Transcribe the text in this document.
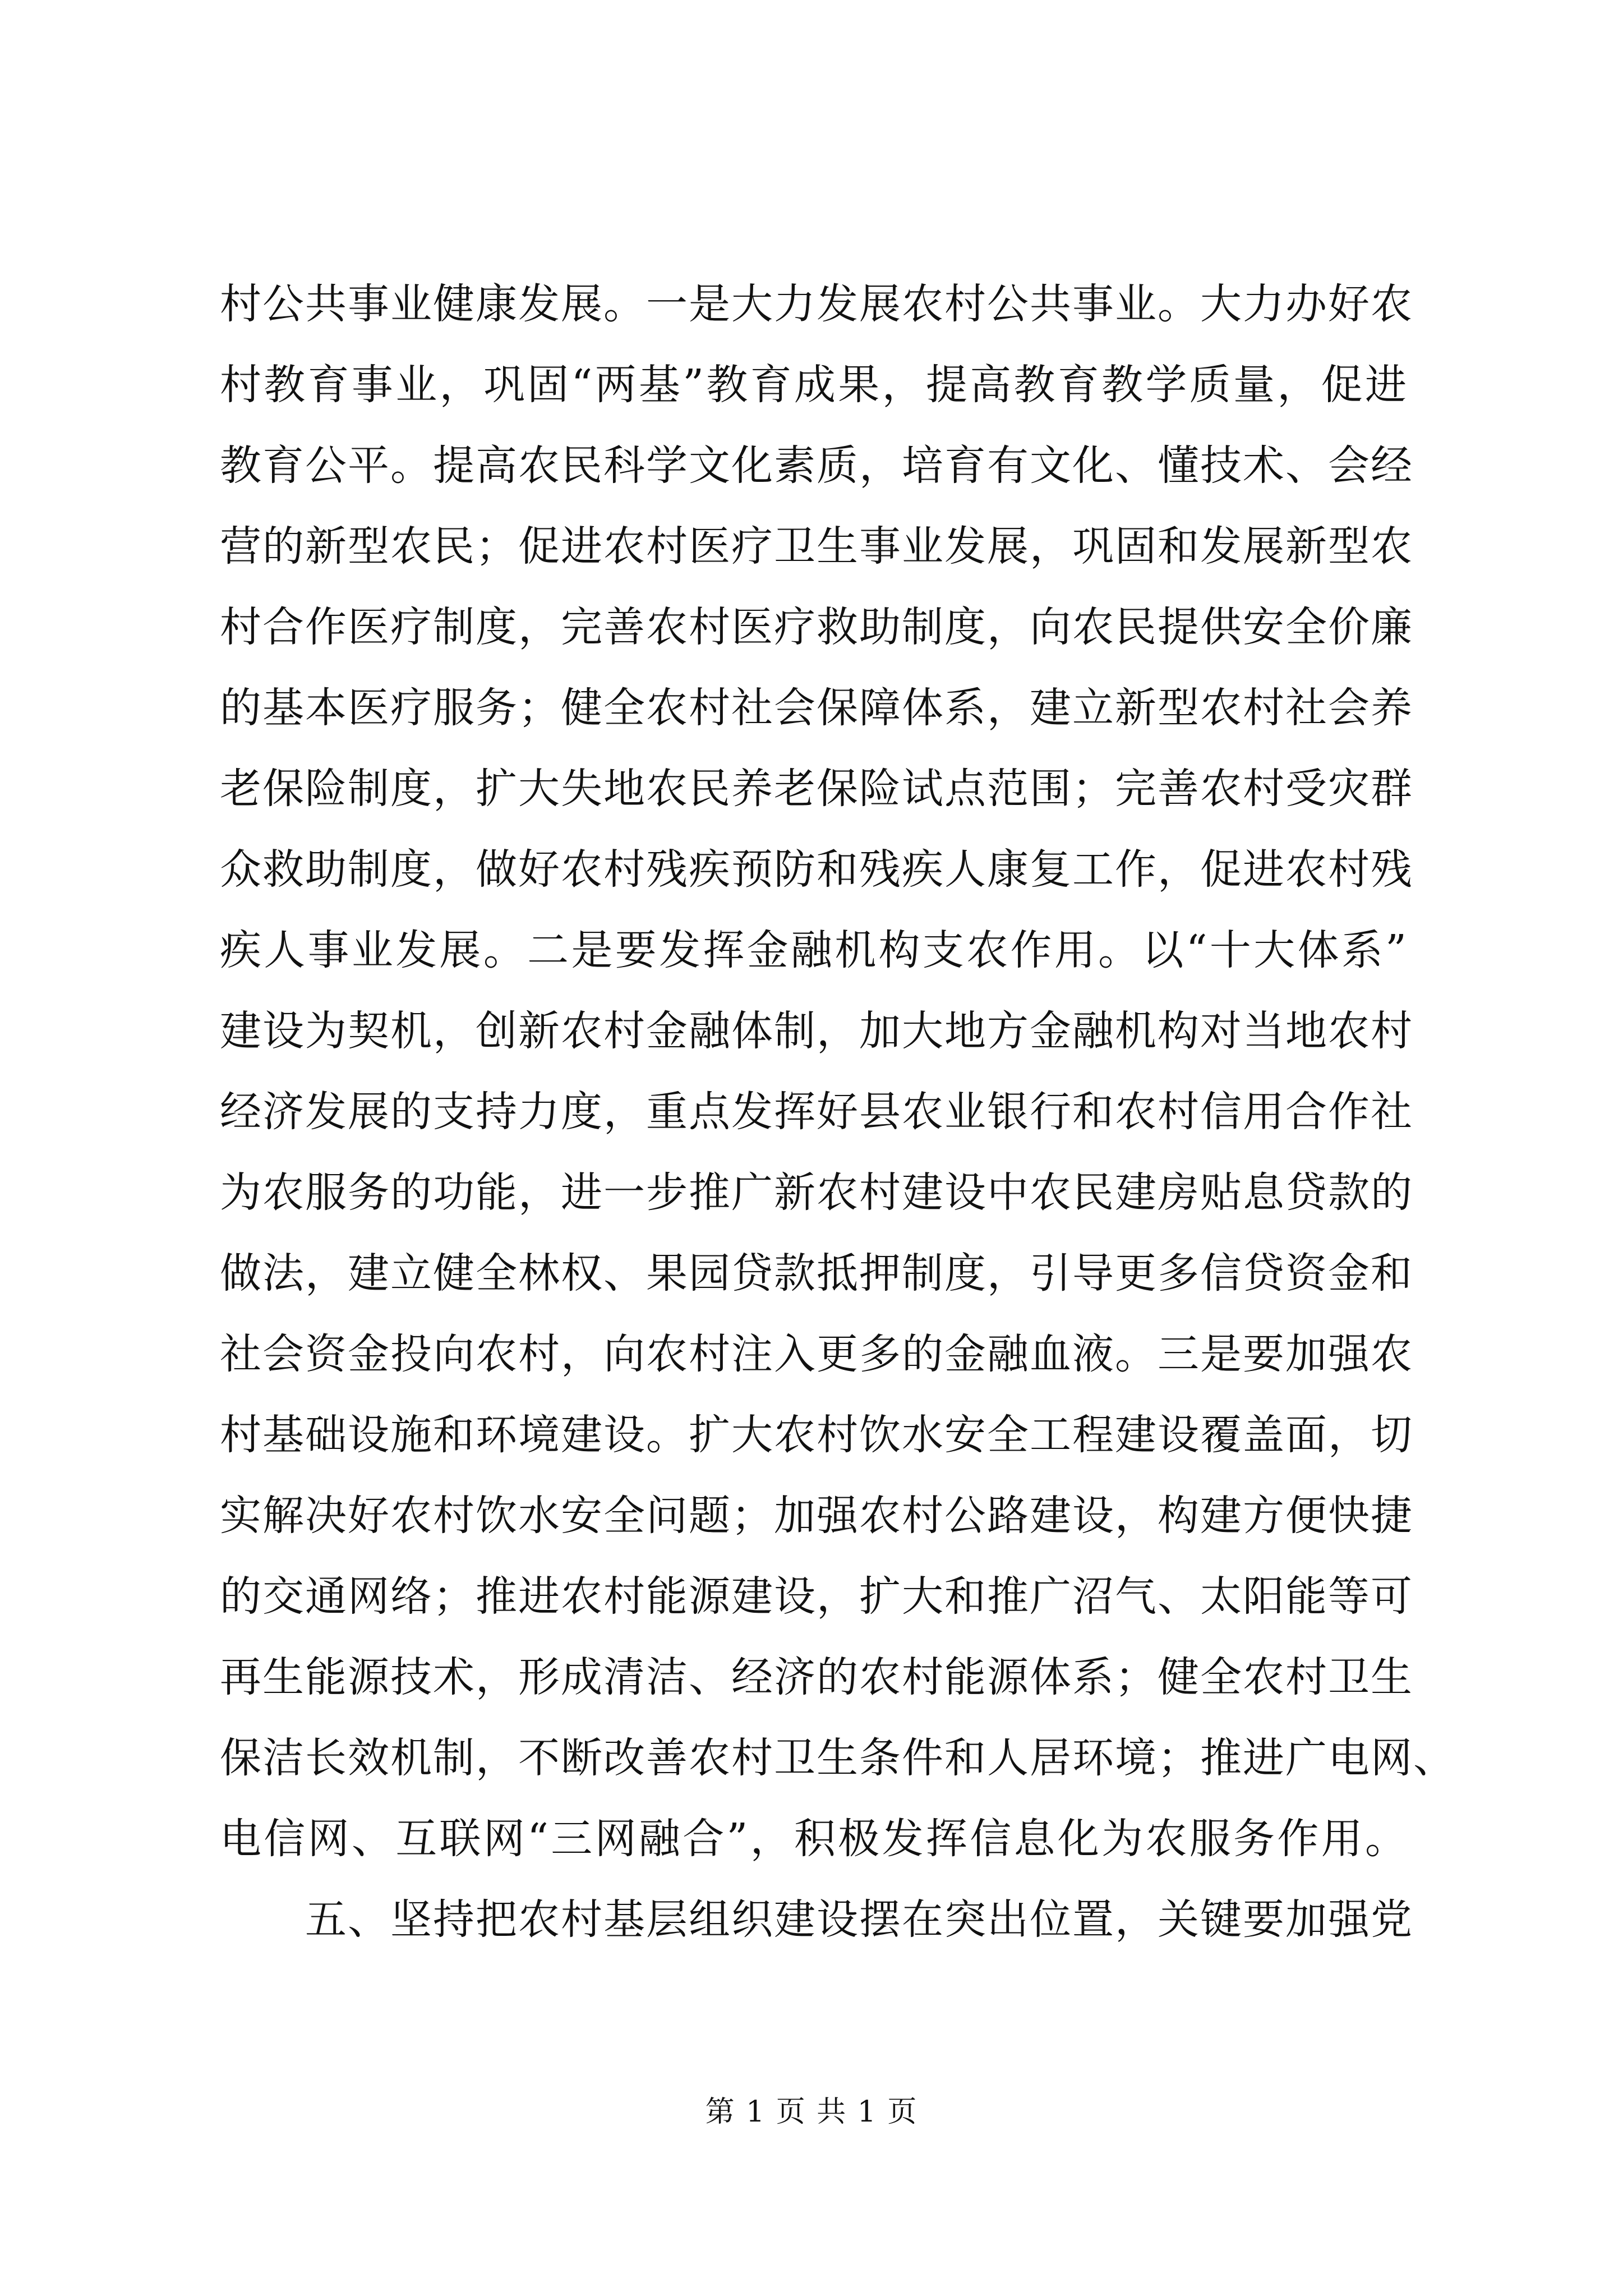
村公共事业健康发展。一是大力发展农村公共事业。大力办好农
村教育事业，巩固“两基”教育成果，提高教育教学质量，促进
教育公平。提高农民科学文化素质，培育有文化、懂技术、会经
营的新型农民；促进农村医疗卫生事业发展，巩固和发展新型农
村合作医疗制度，完善农村医疗救助制度，向农民提供安全价廉
的基本医疗服务；健全农村社会保障体系，建立新型农村社会养
老保险制度，扩大失地农民养老保险试点范围；完善农村受灾群
众救助制度，做好农村残疾预防和残疾人康复工作，促进农村残
疾人事业发展。二是要发挥金融机构支农作用。以“十大体系”
建设为契机，创新农村金融体制，加大地方金融机构对当地农村
经济发展的支持力度，重点发挥好县农业银行和农村信用合作社
为农服务的功能，进一步推广新农村建设中农民建房贴息贷款的
做法，建立健全林权、果园贷款抵押制度，引导更多信贷资金和
社会资金投向农村，向农村注入更多的金融血液。三是要加强农
村基础设施和环境建设。扩大农村饮水安全工程建设覆盖面，切
实解决好农村饮水安全问题；加强农村公路建设，构建方便快捷
的交通网络；推进农村能源建设，扩大和推广沼气、太阳能等可
再生能源技术，形成清洁、经济的农村能源体系；健全农村卫生
保洁长效机制，不断改善农村卫生条件和人居环境；推进广电网、
电信网、互联网“三网融合”，积极发挥信息化为农服务作用。
五、坚持把农村基层组织建设摆在突出位置，关键要加强党
第 1 页 共 1 页
